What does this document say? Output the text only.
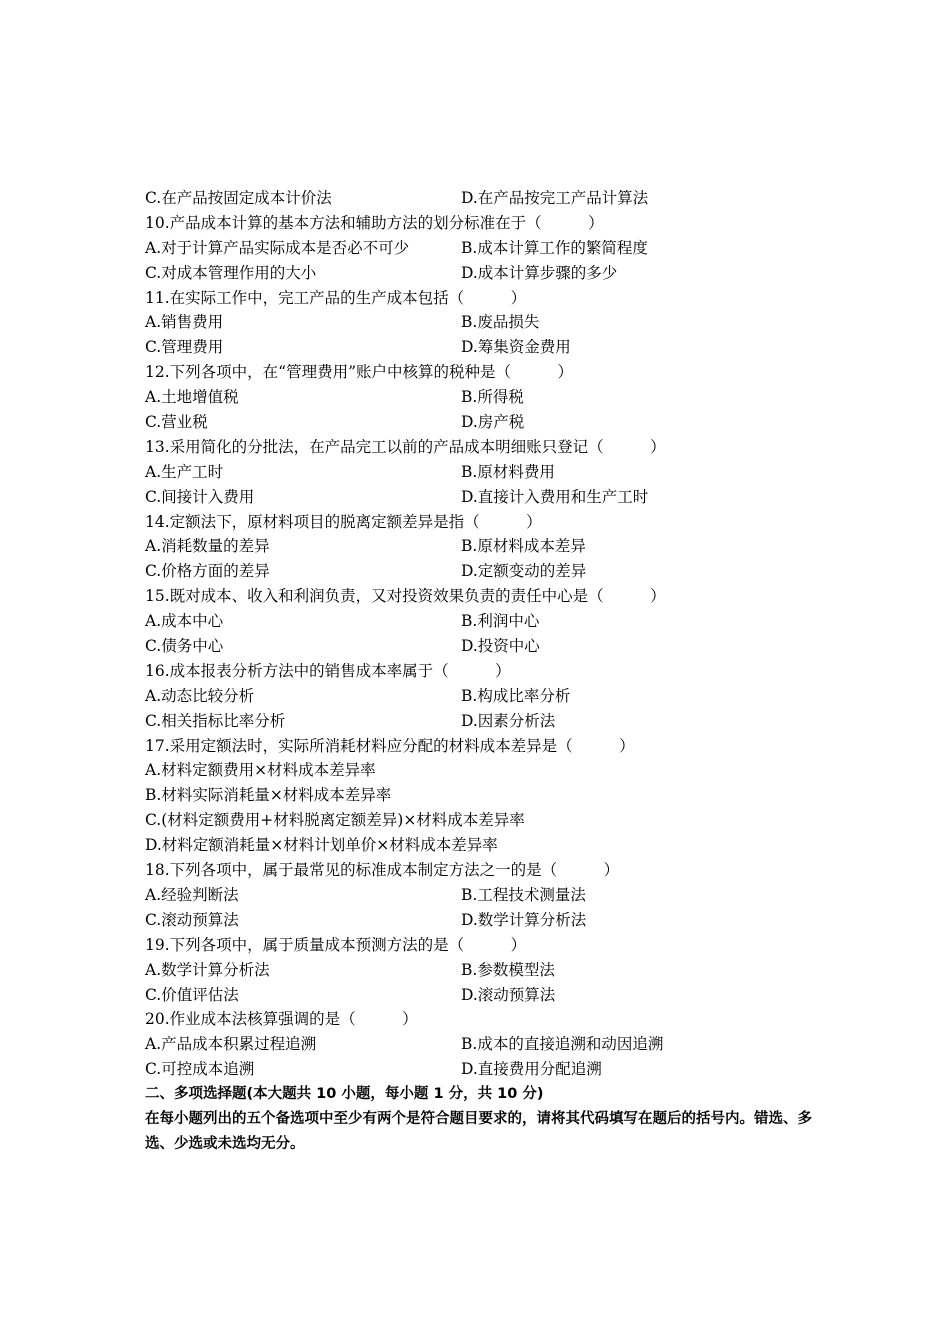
C.在产品按固定成本计价法	D.在产品按完工产品计算法
10.产品成本计算的基本方法和辅助方法的划分标准在于（　　　）
A.对于计算产品实际成本是否必不可少	B.成本计算工作的繁简程度
C.对成本管理作用的大小	D.成本计算步骤的多少
11.在实际工作中，完工产品的生产成本包括（　　　）
A.销售费用	B.废品损失
C.管理费用	D.筹集资金费用
12.下列各项中，在“管理费用”账户中核算的税种是（　　　）
A.土地增值税	B.所得税
C.营业税	D.房产税
13.采用简化的分批法，在产品完工以前的产品成本明细账只登记（　　　）
A.生产工时	B.原材料费用
C.间接计入费用	D.直接计入费用和生产工时
14.定额法下，原材料项目的脱离定额差异是指（　　　）
A.消耗数量的差异	B.原材料成本差异
C.价格方面的差异	D.定额变动的差异
15.既对成本、收入和利润负责，又对投资效果负责的责任中心是（　　　）
A.成本中心	B.利润中心
C.债务中心	D.投资中心
16.成本报表分析方法中的销售成本率属于（　　　）
A.动态比较分析	B.构成比率分析
C.相关指标比率分析	D.因素分析法
17.采用定额法时，实际所消耗材料应分配的材料成本差异是（　　　）
A.材料定额费用×材料成本差异率
B.材料实际消耗量×材料成本差异率
C.(材料定额费用+材料脱离定额差异)×材料成本差异率
D.材料定额消耗量×材料计划单价×材料成本差异率
18.下列各项中，属于最常见的标准成本制定方法之一的是（　　　）
A.经验判断法	B.工程技术测量法
C.滚动预算法	D.数学计算分析法
19.下列各项中，属于质量成本预测方法的是（　　　）
A.数学计算分析法	B.参数模型法
C.价值评估法	D.滚动预算法
20.作业成本法核算强调的是（　　　）
A.产品成本积累过程追溯	B.成本的直接追溯和动因追溯
C.可控成本追溯	D.直接费用分配追溯
二、多项选择题(本大题共 10 小题，每小题 1 分，共 10 分)
在每小题列出的五个备选项中至少有两个是符合题目要求的，请将其代码填写在题后的括号内。错选、多选、少选或未选均无分。
